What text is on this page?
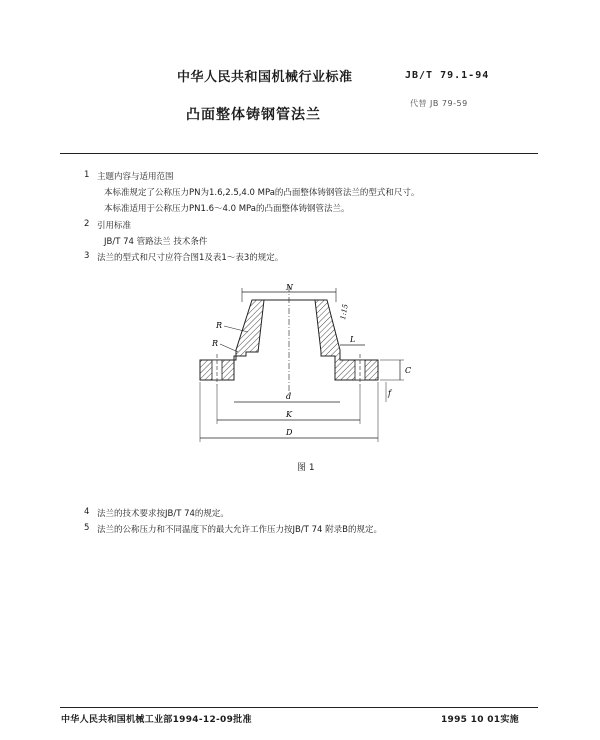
中华人民共和国机械行业标准	JB/T 79.1-94
代替 JB 79-59
凸面整体铸钢管法兰
1 主题内容与适用范围
本标准规定了公称压力PN为1.6,2.5,4.0 MPa的凸面整体铸钢管法兰的型式和尺寸。
本标准适用于公称压力PN1.6～4.0 MPa的凸面整体铸钢管法兰。
2 引用标准
JB/T 74 管路法兰 技术条件
3 法兰的型式和尺寸应符合图1及表1～表3的规定。
N
1:15
R
R	L
C
f
d
K
D
图 1
4 法兰的技术要求按JB/T 74的规定。
5 法兰的公称压力和不同温度下的最大允许工作压力按JB/T 74 附录B的规定。
中华人民共和国机械工业部1994-12-09批准	1995 10 01实施
